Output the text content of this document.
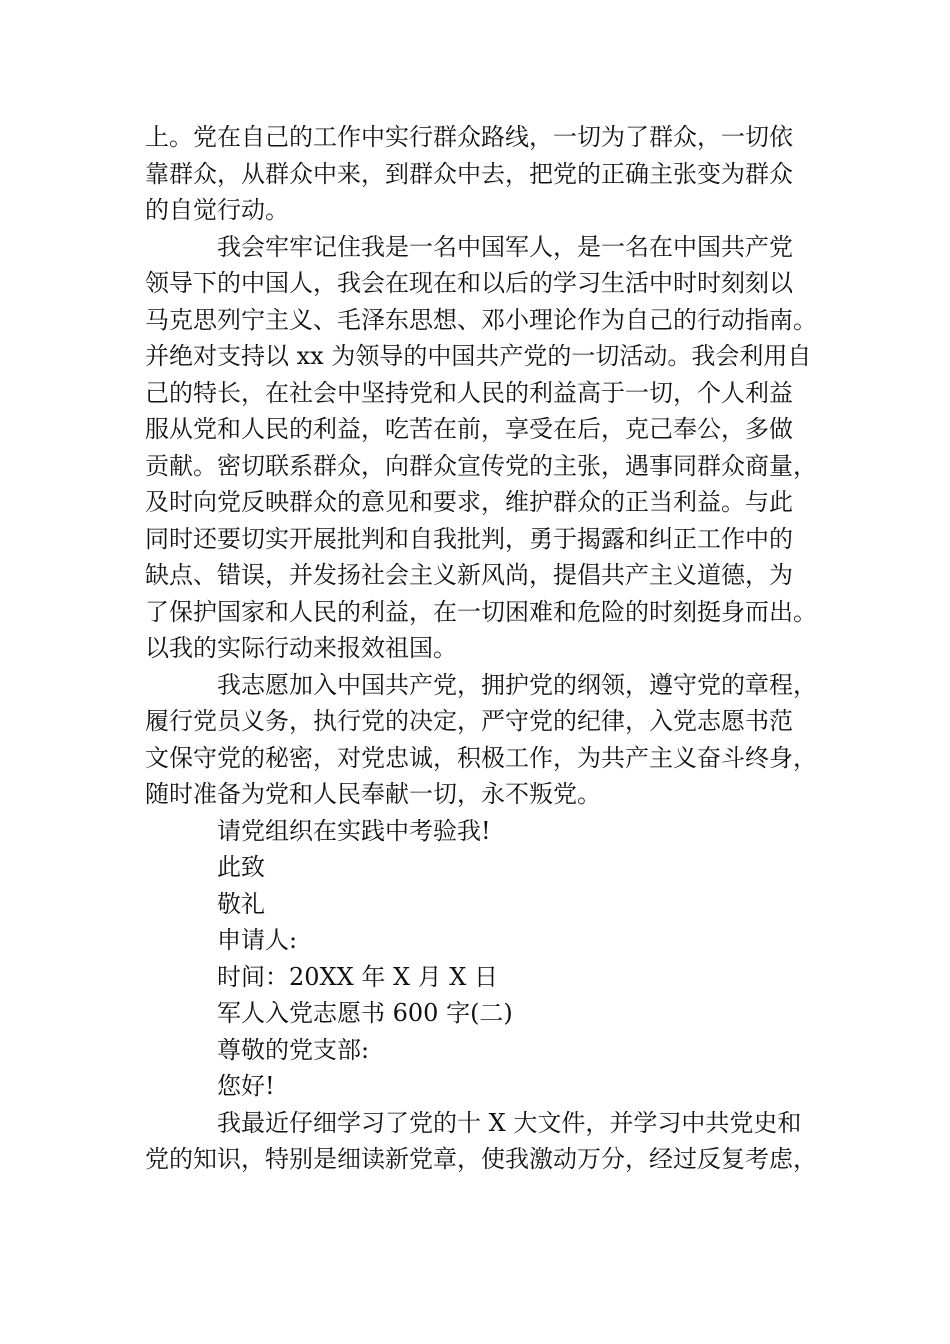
上。党在自己的工作中实行群众路线，一切为了群众，一切依
靠群众，从群众中来，到群众中去，把党的正确主张变为群众
的自觉行动。
我会牢牢记住我是一名中国军人，是一名在中国共产党
领导下的中国人，我会在现在和以后的学习生活中时时刻刻以
马克思列宁主义、毛泽东思想、邓小理论作为自己的行动指南。
并绝对支持以 xx 为领导的中国共产党的一切活动。我会利用自
己的特长，在社会中坚持党和人民的利益高于一切，个人利益
服从党和人民的利益，吃苦在前，享受在后，克己奉公，多做
贡献。密切联系群众，向群众宣传党的主张，遇事同群众商量，
及时向党反映群众的意见和要求，维护群众的正当利益。与此
同时还要切实开展批判和自我批判，勇于揭露和纠正工作中的
缺点、错误，并发扬社会主义新风尚，提倡共产主义道德，为
了保护国家和人民的利益，在一切困难和危险的时刻挺身而出。
以我的实际行动来报效祖国。
我志愿加入中国共产党，拥护党的纲领，遵守党的章程，
履行党员义务，执行党的决定，严守党的纪律，入党志愿书范
文保守党的秘密，对党忠诚，积极工作，为共产主义奋斗终身，
随时准备为党和人民奉献一切，永不叛党。
请党组织在实践中考验我!
此致
敬礼
申请人:
时间：20XX 年 X 月 X 日
军人入党志愿书 600 字(二)
尊敬的党支部:
您好!
我最近仔细学习了党的十 X 大文件，并学习中共党史和
党的知识，特别是细读新党章，使我激动万分，经过反复考虑，
